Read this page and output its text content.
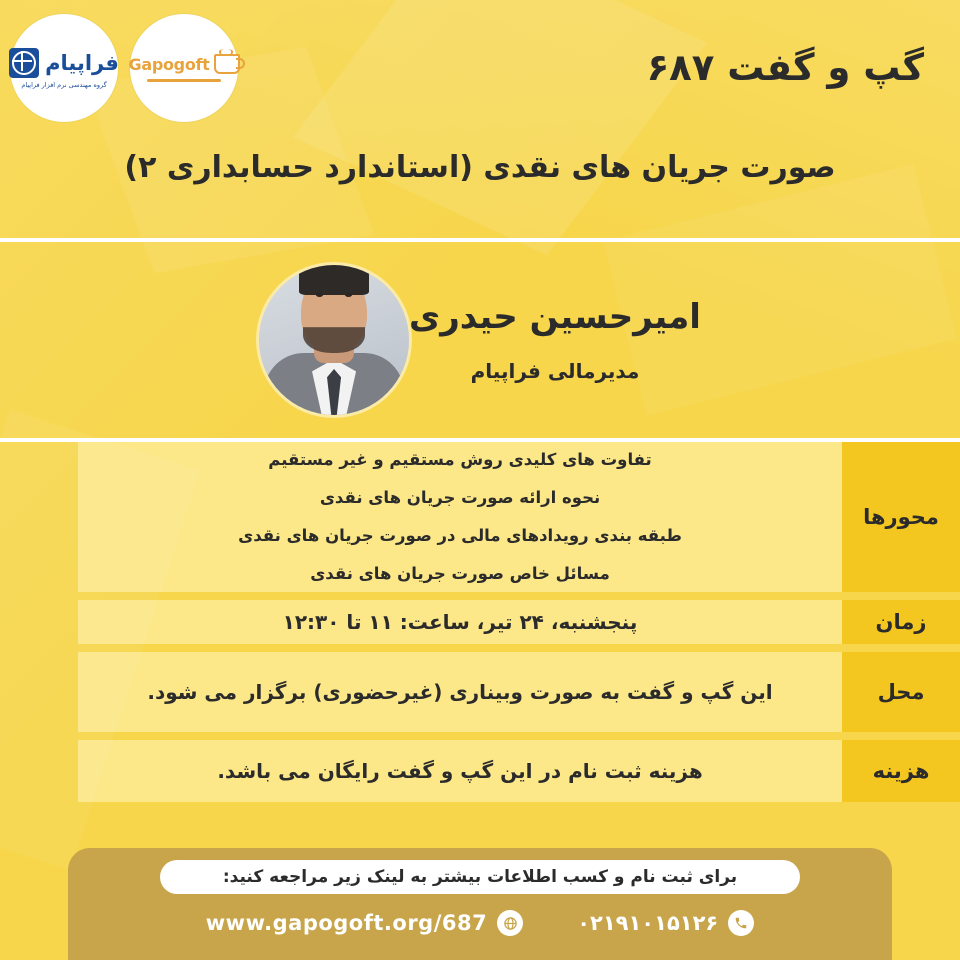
Gapogoft
فراپیام
گروه مهندسی نرم افزار فراپیام	گپ و گفت ۶۸۷
صورت جریان های نقدی (استاندارد حسابداری ۲)
امیرحسین حیدری
مدیرمالی فراپیام
محورها
تفاوت های کلیدی روش مستقیم و غیر مستقیم
نحوه ارائه صورت جریان های نقدی
طبقه بندی رویدادهای مالی در صورت جریان های نقدی
مسائل خاص صورت جریان های نقدی
زمان
پنجشنبه، ۲۴ تیر، ساعت: ۱۱ تا ۱۲:۳۰
محل
این گپ و گفت به صورت وبیناری (غیرحضوری) برگزار می شود.
هزینه
هزینه ثبت نام در این گپ و گفت رایگان می باشد.
برای ثبت نام و کسب اطلاعات بیشتر به لینک زیر مراجعه کنید:
۰۲۱۹۱۰۱۵۱۲۶
www.gapogoft.org/687
